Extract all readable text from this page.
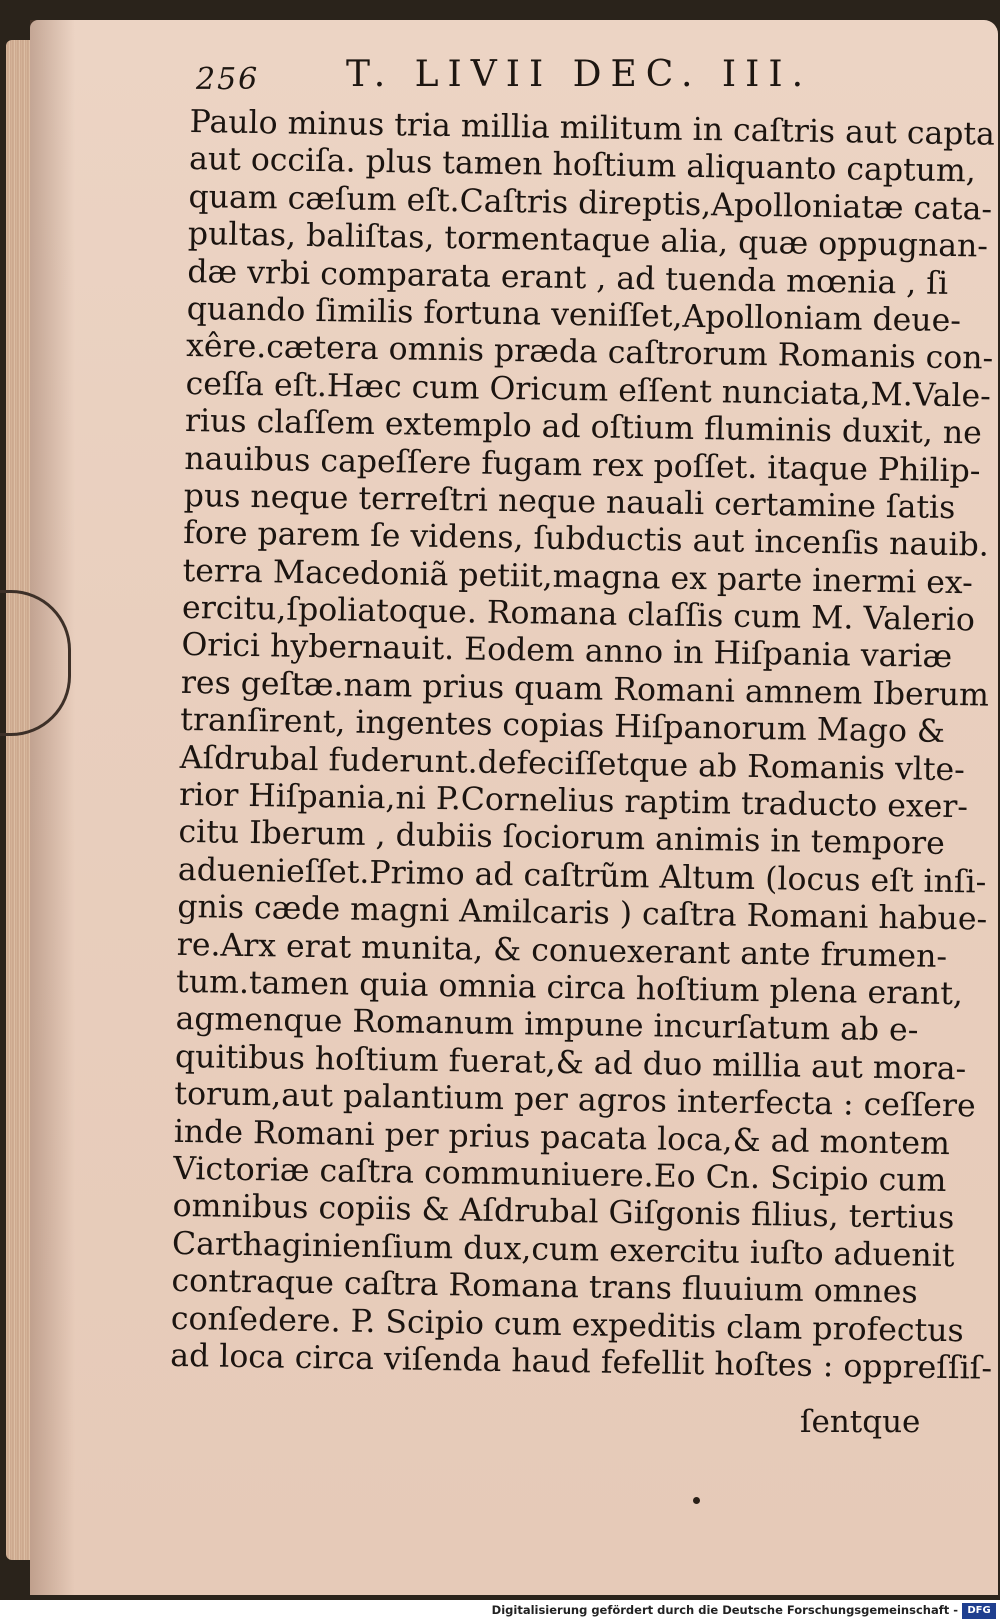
256 T. LIVII DEC. III.
Paulo minus tria millia militum in caſtris aut capta
aut occiſa. plus tamen hoſtium aliquanto captum,
quam cæſum eſt.Caſtris direptis,Apolloniatæ cata-
pultas, baliſtas, tormentaque alia, quæ oppugnan-
dæ vrbi comparata erant , ad tuenda mœnia , ſi
quando ſimilis fortuna veniſſet,Apolloniam deue-
xêre.cætera omnis præda caſtrorum Romanis con-
ceſſa eſt.Hæc cum Oricum eſſent nunciata,M.Vale-
rius claſſem extemplo ad oſtium fluminis duxit, ne
nauibus capeſſere fugam rex poſſet. itaque Philip-
pus neque terreſtri neque nauali certamine ſatis
fore parem ſe videns, ſubductis aut incenſis nauib.
terra Macedoniã petiit,magna ex parte inermi ex-
ercitu,ſpoliatoque. Romana claſſis cum M. Valerio
Orici hybernauit. Eodem anno in Hiſpania variæ
res geſtæ.nam prius quam Romani amnem Iberum
tranſirent, ingentes copias Hiſpanorum Mago &
Aſdrubal fuderunt.defeciſſetque ab Romanis vlte-
rior Hiſpania,ni P.Cornelius raptim traducto exer-
citu Iberum , dubiis ſociorum animis in tempore
aduenieſſet.Primo ad caſtrũm Altum (locus eſt inſi-
gnis cæde magni Amilcaris ) caſtra Romani habue-
re.Arx erat munita, & conuexerant ante frumen-
tum.tamen quia omnia circa hoſtium plena erant,
agmenque Romanum impune incurſatum ab e-
quitibus hoſtium fuerat,& ad duo millia aut mora-
torum,aut palantium per agros interfecta : ceſſere
inde Romani per prius pacata loca,& ad montem
Victoriæ caſtra communiuere.Eo Cn. Scipio cum
omnibus copiis & Aſdrubal Giſgonis filius, tertius
Carthaginienſium dux,cum exercitu iuſto aduenit
contraque caſtra Romana trans fluuium omnes
conſedere. P. Scipio cum expeditis clam profectus
ad loca circa viſenda haud fefellit hoſtes : oppreſſiſ-
ſentque
Digitalisierung gefördert durch die Deutsche Forschungsgemeinschaft - DFG
